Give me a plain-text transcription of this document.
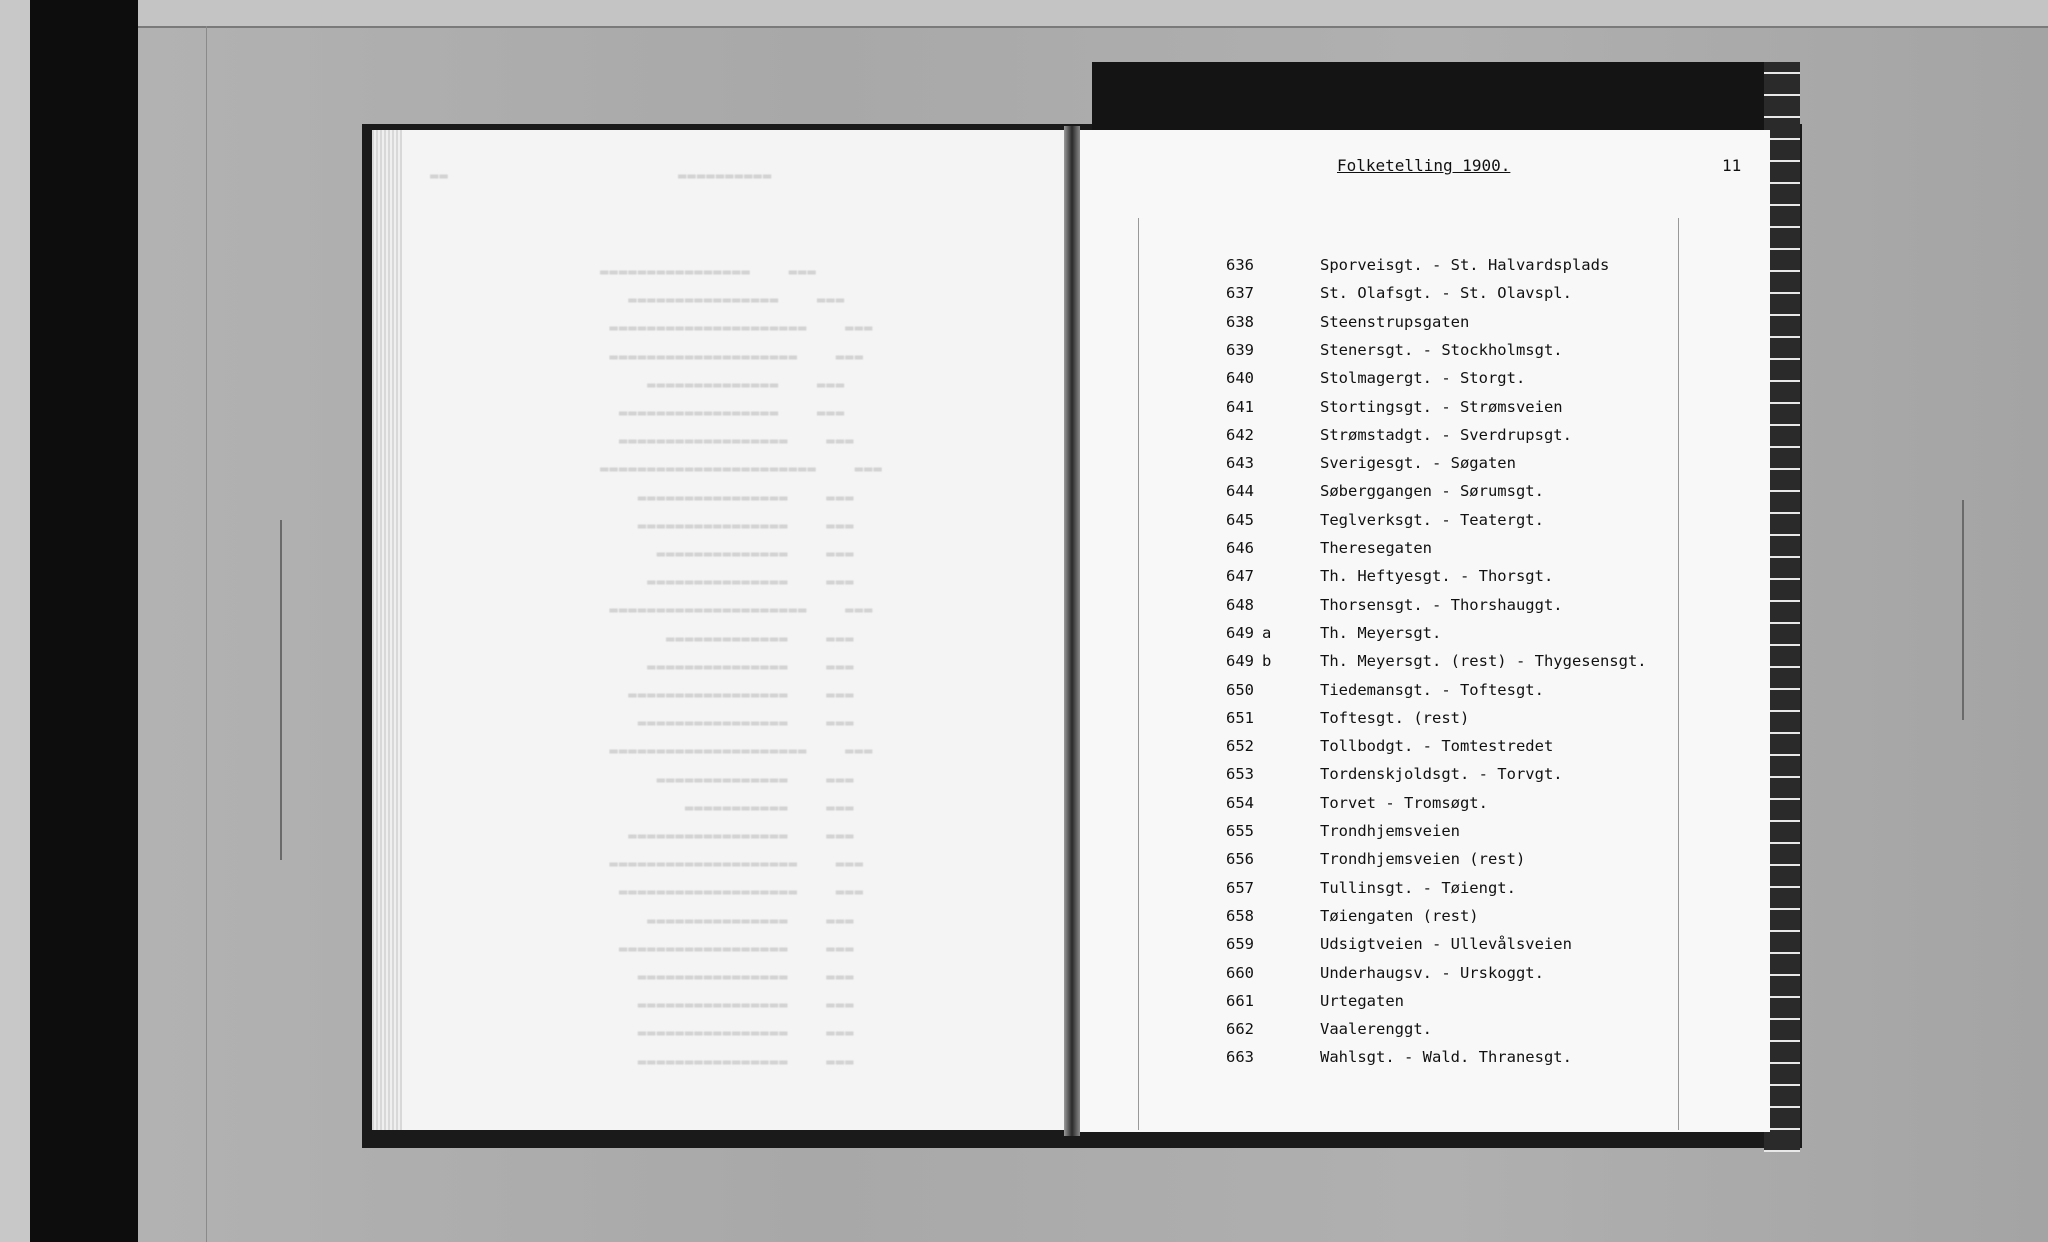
▬▬▬▬▬▬▬▬▬▬
▬▬
▬▬▬▬▬▬▬▬▬▬▬▬▬▬▬▬    ▬▬▬
▬▬▬▬▬▬▬▬▬▬▬▬▬▬▬▬    ▬▬▬
▬▬▬▬▬▬▬▬▬▬▬▬▬▬▬▬▬▬▬▬▬    ▬▬▬
▬▬▬▬▬▬▬▬▬▬▬▬▬▬▬▬▬▬▬▬    ▬▬▬
▬▬▬▬▬▬▬▬▬▬▬▬▬▬    ▬▬▬
▬▬▬▬▬▬▬▬▬▬▬▬▬▬▬▬▬    ▬▬▬
▬▬▬▬▬▬▬▬▬▬▬▬▬▬▬▬▬▬    ▬▬▬
▬▬▬▬▬▬▬▬▬▬▬▬▬▬▬▬▬▬▬▬▬▬▬    ▬▬▬
▬▬▬▬▬▬▬▬▬▬▬▬▬▬▬▬    ▬▬▬
▬▬▬▬▬▬▬▬▬▬▬▬▬▬▬▬    ▬▬▬
▬▬▬▬▬▬▬▬▬▬▬▬▬▬    ▬▬▬
▬▬▬▬▬▬▬▬▬▬▬▬▬▬▬    ▬▬▬
▬▬▬▬▬▬▬▬▬▬▬▬▬▬▬▬▬▬▬▬▬    ▬▬▬
▬▬▬▬▬▬▬▬▬▬▬▬▬    ▬▬▬
▬▬▬▬▬▬▬▬▬▬▬▬▬▬▬    ▬▬▬
▬▬▬▬▬▬▬▬▬▬▬▬▬▬▬▬▬    ▬▬▬
▬▬▬▬▬▬▬▬▬▬▬▬▬▬▬▬    ▬▬▬
▬▬▬▬▬▬▬▬▬▬▬▬▬▬▬▬▬▬▬▬▬    ▬▬▬
▬▬▬▬▬▬▬▬▬▬▬▬▬▬    ▬▬▬
▬▬▬▬▬▬▬▬▬▬▬    ▬▬▬
▬▬▬▬▬▬▬▬▬▬▬▬▬▬▬▬▬    ▬▬▬
▬▬▬▬▬▬▬▬▬▬▬▬▬▬▬▬▬▬▬▬    ▬▬▬
▬▬▬▬▬▬▬▬▬▬▬▬▬▬▬▬▬▬▬    ▬▬▬
▬▬▬▬▬▬▬▬▬▬▬▬▬▬▬    ▬▬▬
▬▬▬▬▬▬▬▬▬▬▬▬▬▬▬▬▬▬    ▬▬▬
▬▬▬▬▬▬▬▬▬▬▬▬▬▬▬▬    ▬▬▬
▬▬▬▬▬▬▬▬▬▬▬▬▬▬▬▬    ▬▬▬
▬▬▬▬▬▬▬▬▬▬▬▬▬▬▬▬    ▬▬▬
▬▬▬▬▬▬▬▬▬▬▬▬▬▬▬▬    ▬▬▬
Folketelling 1900.	11
636	Sporveisgt. - St. Halvardsplads
637	St. Olafsgt. - St. Olavspl.
638	Steenstrupsgaten
639	Stenersgt. - Stockholmsgt.
640	Stolmagergt. - Storgt.
641	Stortingsgt. - Strømsveien
642	Strømstadgt. - Sverdrupsgt.
643	Sverigesgt. - Søgaten
644	Søberggangen - Sørumsgt.
645	Teglverksgt. - Teatergt.
646	Theresegaten
647	Th. Heftyesgt. - Thorsgt.
648	Thorsensgt. - Thorshauggt.
649 a	Th. Meyersgt.
649 b	Th. Meyersgt. (rest) - Thygesensgt.
650	Tiedemansgt. - Toftesgt.
651	Toftesgt. (rest)
652	Tollbodgt. - Tomtestredet
653	Tordenskjoldsgt. - Torvgt.
654	Torvet - Tromsøgt.
655	Trondhjemsveien
656	Trondhjemsveien (rest)
657	Tullinsgt. - Tøiengt.
658	Tøiengaten (rest)
659	Udsigtveien - Ullevålsveien
660	Underhaugsv. - Urskoggt.
661	Urtegaten
662	Vaalerenggt.
663	Wahlsgt. - Wald. Thranesgt.
